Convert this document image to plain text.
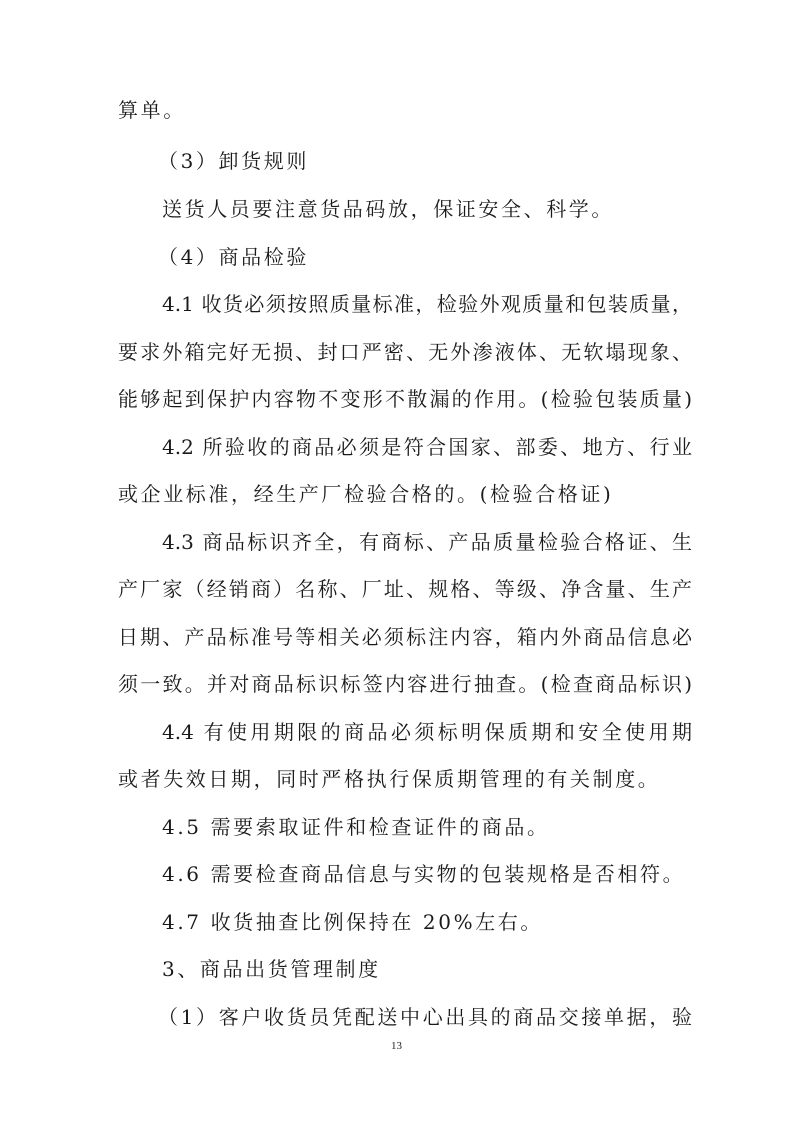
算单。
（3）卸货规则
送货人员要注意货品码放，保证安全、科学。
（4）商品检验
4.1 收货必须按照质量标准，检验外观质量和包装质量，
要求外箱完好无损、封口严密、无外渗液体、无软塌现象、
能够起到保护内容物不变形不散漏的作用。(检验包装质量)
4.2 所验收的商品必须是符合国家、部委、地方、行业
或企业标准，经生产厂检验合格的。(检验合格证)
4.3 商品标识齐全，有商标、产品质量检验合格证、生
产厂家（经销商）名称、厂址、规格、等级、净含量、生产
日期、产品标准号等相关必须标注内容，箱内外商品信息必
须一致。并对商品标识标签内容进行抽查。(检查商品标识)
4.4 有使用期限的商品必须标明保质期和安全使用期
或者失效日期，同时严格执行保质期管理的有关制度。
4.5 需要索取证件和检查证件的商品。
4.6 需要检查商品信息与实物的包装规格是否相符。
4.7 收货抽查比例保持在 20%左右。
3、商品出货管理制度
（1）客户收货员凭配送中心出具的商品交接单据，验
13
